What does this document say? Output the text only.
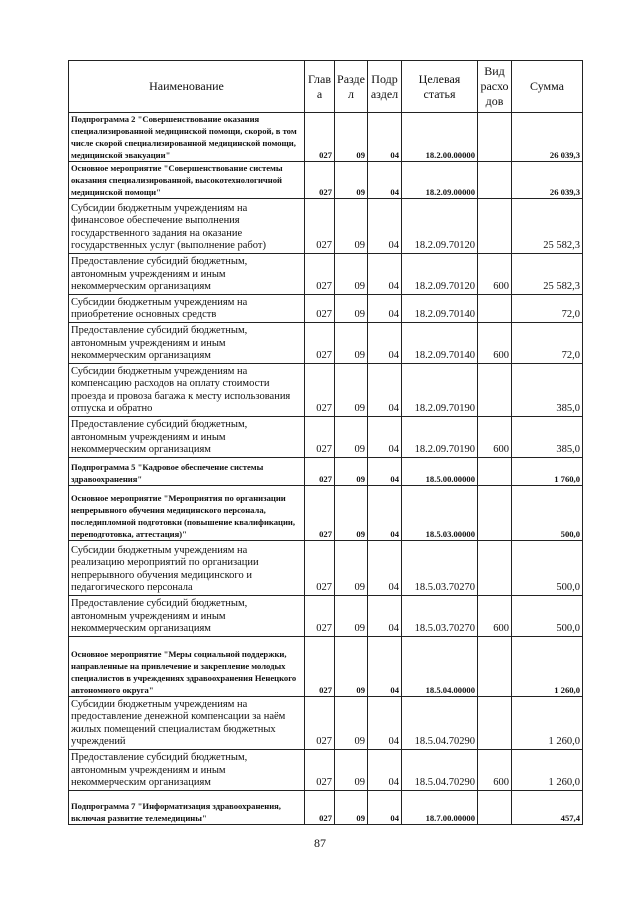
Наименование	Глав а	Разде л	Подр аздел	Целевая статья	Вид расхо дов	Сумма
Подпрограмма 2 "Совершенствование оказания специализированной медицинской помощи, скорой, в том числе скорой специализированной медицинской помощи, медицинской эвакуации"	027	09	04	18.2.00.00000		26 039,3
Основное мероприятие "Совершенствование системы оказания специализированной, высокотехнологичной медицинской помощи"	027	09	04	18.2.09.00000		26 039,3
Субсидии бюджетным учреждениям на финансовое обеспечение выполнения государственного задания на оказание государственных услуг (выполнение работ)	027	09	04	18.2.09.70120		25 582,3
Предоставление субсидий бюджетным, автономным учреждениям и иным некоммерческим организациям	027	09	04	18.2.09.70120	600	25 582,3
Субсидии бюджетным учреждениям на приобретение основных средств	027	09	04	18.2.09.70140		72,0
Предоставление субсидий бюджетным, автономным учреждениям и иным некоммерческим организациям	027	09	04	18.2.09.70140	600	72,0
Субсидии бюджетным учреждениям на компенсацию расходов на оплату стоимости проезда и провоза багажа к месту использования отпуска и обратно	027	09	04	18.2.09.70190		385,0
Предоставление субсидий бюджетным, автономным учреждениям и иным некоммерческим организациям	027	09	04	18.2.09.70190	600	385,0
Подпрограмма 5 "Кадровое обеспечение системы здравоохранения"	027	09	04	18.5.00.00000		1 760,0
Основное мероприятие "Мероприятия по организации непрерывного обучения медицинского персонала, последипломной подготовки (повышение квалификации, переподготовка, аттестация)"	027	09	04	18.5.03.00000		500,0
Субсидии бюджетным учреждениям на реализацию мероприятий по организации непрерывного обучения медицинского и педагогического персонала	027	09	04	18.5.03.70270		500,0
Предоставление субсидий бюджетным, автономным учреждениям и иным некоммерческим организациям	027	09	04	18.5.03.70270	600	500,0
Основное мероприятие "Меры социальной поддержки, направленные на привлечение и закрепление молодых специалистов в учреждениях здравоохранения Ненецкого автономного округа"	027	09	04	18.5.04.00000		1 260,0
Субсидии бюджетным учреждениям на предоставление денежной компенсации за наём жилых помещений специалистам бюджетных учреждений	027	09	04	18.5.04.70290		1 260,0
Предоставление субсидий бюджетным, автономным учреждениям и иным некоммерческим организациям	027	09	04	18.5.04.70290	600	1 260,0
Подпрограмма 7 "Информатизация здравоохранения, включая развитие телемедицины"	027	09	04	18.7.00.00000		457,4
87
